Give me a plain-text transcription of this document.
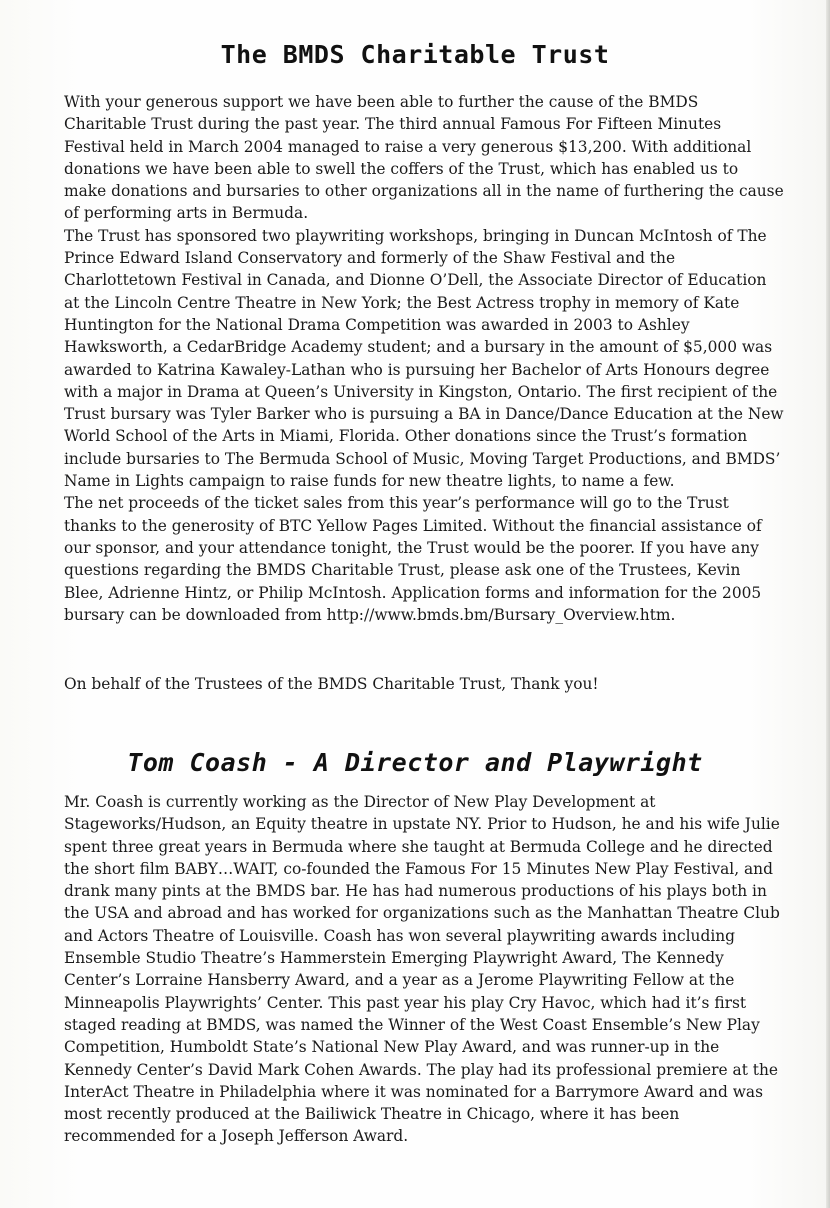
The BMDS Charitable Trust

With your generous support we have been able to further the cause of the BMDS Charitable Trust during the past year. The third annual Famous For Fifteen Minutes Festival held in March 2004 managed to raise a very generous $13,200. With additional donations we have been able to swell the coffers of the Trust, which has enabled us to make donations and bursaries to other organizations all in the name of furthering the cause of performing arts in Bermuda.

The Trust has sponsored two playwriting workshops, bringing in Duncan McIntosh of The Prince Edward Island Conservatory and formerly of the Shaw Festival and the Charlottetown Festival in Canada, and Dionne O’Dell, the Associate Director of Education at the Lincoln Centre Theatre in New York; the Best Actress trophy in memory of Kate Huntington for the National Drama Competition was awarded in 2003 to Ashley Hawksworth, a CedarBridge Academy student; and a bursary in the amount of $5,000 was awarded to Katrina Kawaley-Lathan who is pursuing her Bachelor of Arts Honours degree with a major in Drama at Queen’s University in Kingston, Ontario. The first recipient of the Trust bursary was Tyler Barker who is pursuing a BA in Dance/Dance Education at the New World School of the Arts in Miami, Florida. Other donations since the Trust’s formation include bursaries to The Bermuda School of Music, Moving Target Productions, and BMDS’ Name in Lights campaign to raise funds for new theatre lights, to name a few.

The net proceeds of the ticket sales from this year’s performance will go to the Trust thanks to the generosity of BTC Yellow Pages Limited. Without the financial assistance of our sponsor, and your attendance tonight, the Trust would be the poorer. If you have any questions regarding the BMDS Charitable Trust, please ask one of the Trustees, Kevin Blee, Adrienne Hintz, or Philip McIntosh. Application forms and information for the 2005 bursary can be downloaded from http://www.bmds.bm/Bursary_Overview.htm.

On behalf of the Trustees of the BMDS Charitable Trust, Thank you!

Tom Coash - A Director and Playwright

Mr. Coash is currently working as the Director of New Play Development at Stageworks/Hudson, an Equity theatre in upstate NY. Prior to Hudson, he and his wife Julie spent three great years in Bermuda where she taught at Bermuda College and he directed the short film BABY…WAIT, co-founded the Famous For 15 Minutes New Play Festival, and drank many pints at the BMDS bar. He has had numerous productions of his plays both in the USA and abroad and has worked for organizations such as the Manhattan Theatre Club and Actors Theatre of Louisville. Coash has won several playwriting awards including Ensemble Studio Theatre’s Hammerstein Emerging Playwright Award, The Kennedy Center’s Lorraine Hansberry Award, and a year as a Jerome Playwriting Fellow at the Minneapolis Playwrights’ Center. This past year his play Cry Havoc, which had it’s first staged reading at BMDS, was named the Winner of the West Coast Ensemble’s New Play Competition, Humboldt State’s National New Play Award, and was runner-up in the Kennedy Center’s David Mark Cohen Awards. The play had its professional premiere at the InterAct Theatre in Philadelphia where it was nominated for a Barrymore Award and was most recently produced at the Bailiwick Theatre in Chicago, where it has been recommended for a Joseph Jefferson Award.
